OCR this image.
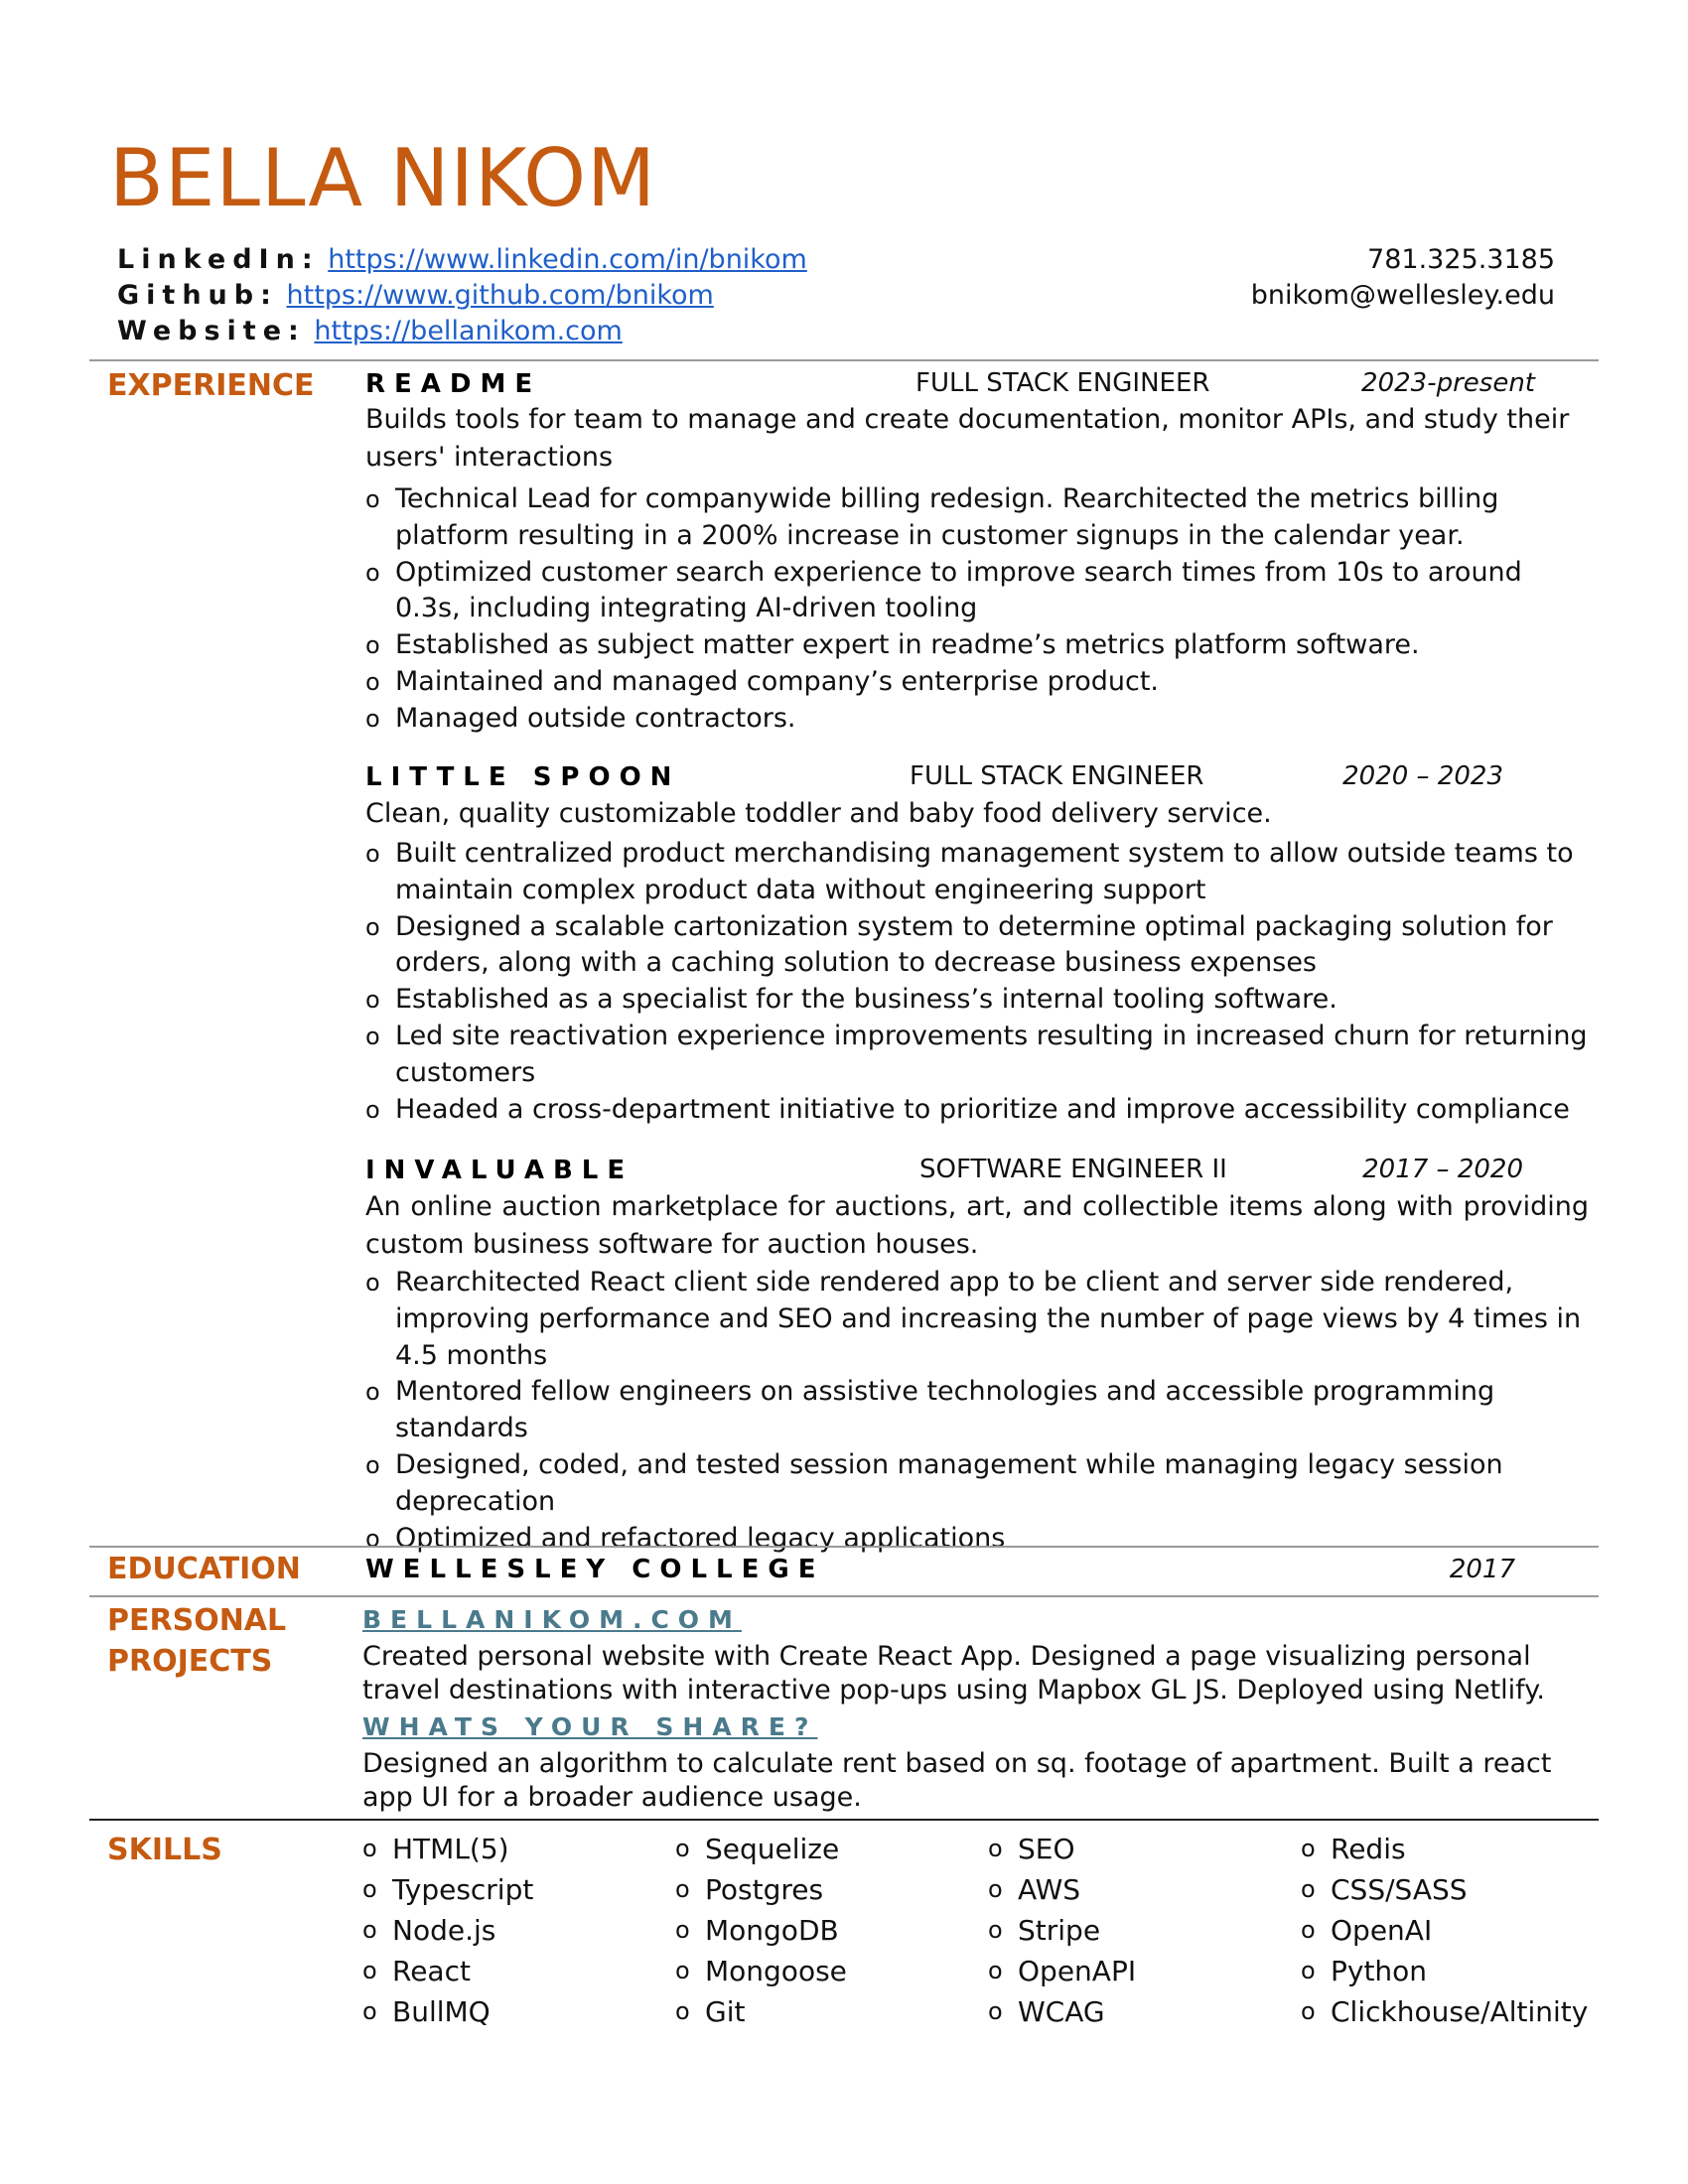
BELLA NIKOM
LinkedIn: https://www.linkedin.com/in/bnikom
Github: https://www.github.com/bnikom
Website: https://bellanikom.com
781.325.3185
bnikom@wellesley.edu
EXPERIENCE README	FULL STACK ENGINEER	2023-present
Builds tools for team to manage and create documentation, monitor APIs, and study their users' interactions
o Technical Lead for companywide billing redesign. Rearchitected the metrics billing platform resulting in a 200% increase in customer signups in the calendar year.
o Optimized customer search experience to improve search times from 10s to around 0.3s, including integrating AI-driven tooling
o Established as subject matter expert in readme’s metrics platform software.
o Maintained and managed company’s enterprise product.
o Managed outside contractors.
LITTLE SPOON	FULL STACK ENGINEER	2020 – 2023
Clean, quality customizable toddler and baby food delivery service.
o Built centralized product merchandising management system to allow outside teams to maintain complex product data without engineering support
o Designed a scalable cartonization system to determine optimal packaging solution for orders, along with a caching solution to decrease business expenses
o Established as a specialist for the business’s internal tooling software.
o Led site reactivation experience improvements resulting in increased churn for returning customers
o Headed a cross-department initiative to prioritize and improve accessibility compliance
INVALUABLE	SOFTWARE ENGINEER II	2017 – 2020
An online auction marketplace for auctions, art, and collectible items along with providing custom business software for auction houses.
o Rearchitected React client side rendered app to be client and server side rendered, improving performance and SEO and increasing the number of page views by 4 times in 4.5 months
o Mentored fellow engineers on assistive technologies and accessible programming standards
o Designed, coded, and tested session management while managing legacy session deprecation
o Optimized and refactored legacy applications
EDUCATION	WELLESLEY COLLEGE	2017
PERSONAL
PROJECTS
BELLANIKOM.COM
Created personal website with Create React App. Designed a page visualizing personal travel destinations with interactive pop-ups using Mapbox GL JS. Deployed using Netlify.
WHATS YOUR SHARE?
Designed an algorithm to calculate rent based on sq. footage of apartment. Built a react app UI for a broader audience usage.
SKILLS
o	HTML(5)
o Typescript
o Node.js
o React
o BullMQ
o Sequelize
o Postgres
o MongoDB
o Mongoose
o Git
o SEO
o AWS
o Stripe
o OpenAPI
o WCAG
o Redis
o CSS/SASS
o OpenAI
o Python
o Clickhouse/Altinity
